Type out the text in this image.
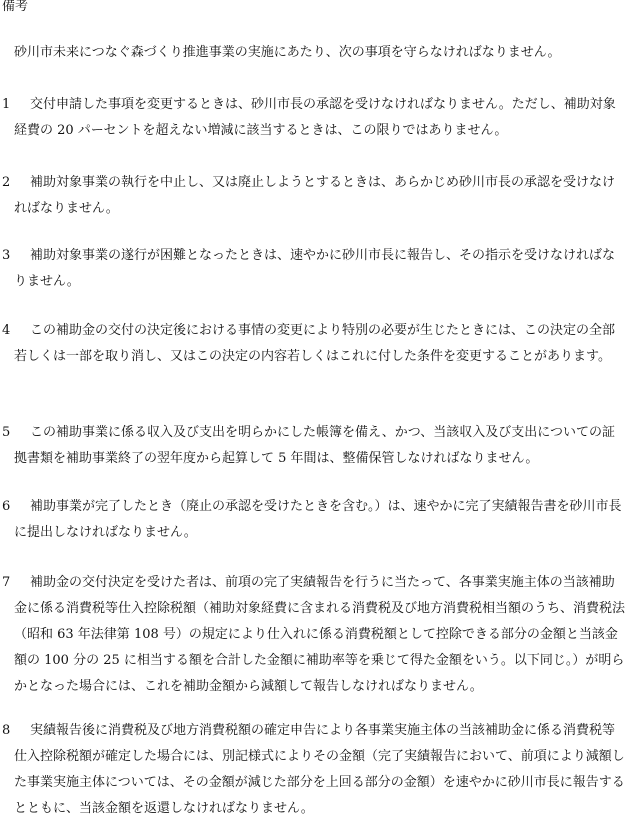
備考

砂川市未来につなぐ森づくり推進事業の実施にあたり、次の事項を守らなければなりません。

1 交付申請した事項を変更するときは、砂川市長の承認を受けなければなりません。ただし、補助対象経費の 20 パーセントを超えない増減に該当するときは、この限りではありません。
2 補助対象事業の執行を中止し、又は廃止しようとするときは、あらかじめ砂川市長の承認を受けなければなりません。
3 補助対象事業の遂行が困難となったときは、速やかに砂川市長に報告し、その指示を受けなければなりません。
4 この補助金の交付の決定後における事情の変更により特別の必要が生じたときには、この決定の全部若しくは一部を取り消し、又はこの決定の内容若しくはこれに付した条件を変更することがあります。
5 この補助事業に係る収入及び支出を明らかにした帳簿を備え、かつ、当該収入及び支出についての証拠書類を補助事業終了の翌年度から起算して 5 年間は、整備保管しなければなりません。
6 補助事業が完了したとき（廃止の承認を受けたときを含む。）は、速やかに完了実績報告書を砂川市長に提出しなければなりません。
7 補助金の交付決定を受けた者は、前項の完了実績報告を行うに当たって、各事業実施主体の当該補助金に係る消費税等仕入控除税額（補助対象経費に含まれる消費税及び地方消費税相当額のうち、消費税法（昭和 63 年法律第 108 号）の規定により仕入れに係る消費税額として控除できる部分の金額と当該金額の 100 分の 25 に相当する額を合計した金額に補助率等を乗じて得た金額をいう。以下同じ。）が明らかとなった場合には、これを補助金額から減額して報告しなければなりません。
8 実績報告後に消費税及び地方消費税額の確定申告により各事業実施主体の当該補助金に係る消費税等仕入控除税額が確定した場合には、別記様式によりその金額（完了実績報告において、前項により減額した事業実施主体については、その金額が減じた部分を上回る部分の金額）を速やかに砂川市長に報告するとともに、当該金額を返還しなければなりません。
